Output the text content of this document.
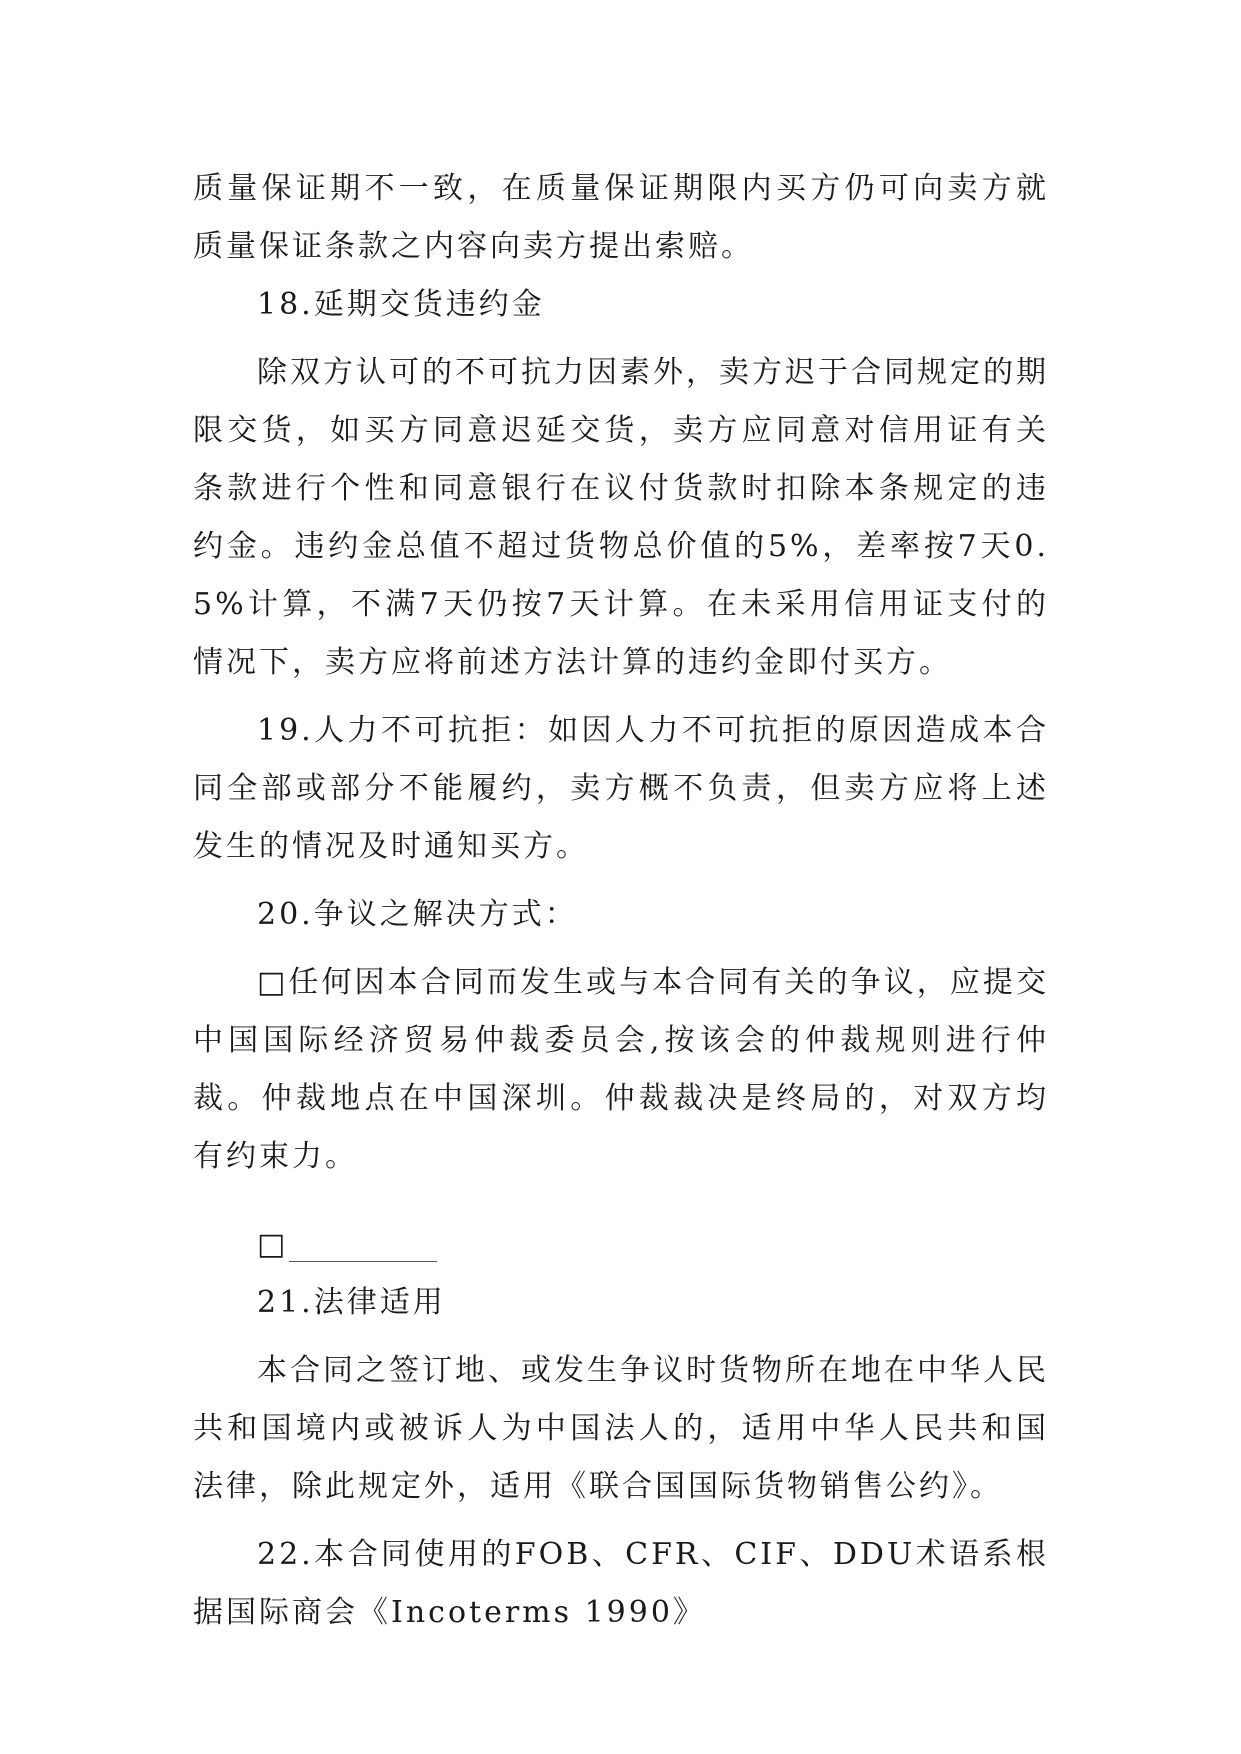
质量保证期不一致，在质量保证期限内买方仍可向卖方就质量保证条款之内容向卖方提出索赔。

18.延期交货违约金

除双方认可的不可抗力因素外，卖方迟于合同规定的期限交货，如买方同意迟延交货，卖方应同意对信用证有关条款进行个性和同意银行在议付货款时扣除本条规定的违约金。违约金总值不超过货物总价值的5%，差率按7天0.5%计算，不满7天仍按7天计算。在未采用信用证支付的情况下，卖方应将前述方法计算的违约金即付买方。

19.人力不可抗拒：如因人力不可抗拒的原因造成本合同全部或部分不能履约，卖方概不负责，但卖方应将上述发生的情况及时通知买方。

20.争议之解决方式：

□任何因本合同而发生或与本合同有关的争议，应提交中国国际经济贸易仲裁委员会,按该会的仲裁规则进行仲裁。仲裁地点在中国深圳。仲裁裁决是终局的，对双方均有约束力。

□

21.法律适用

本合同之签订地、或发生争议时货物所在地在中华人民共和国境内或被诉人为中国法人的，适用中华人民共和国法律，除此规定外，适用《联合国国际货物销售公约》。

22.本合同使用的FOB、CFR、CIF、DDU术语系根据国际商会《Incoterms 1990》
